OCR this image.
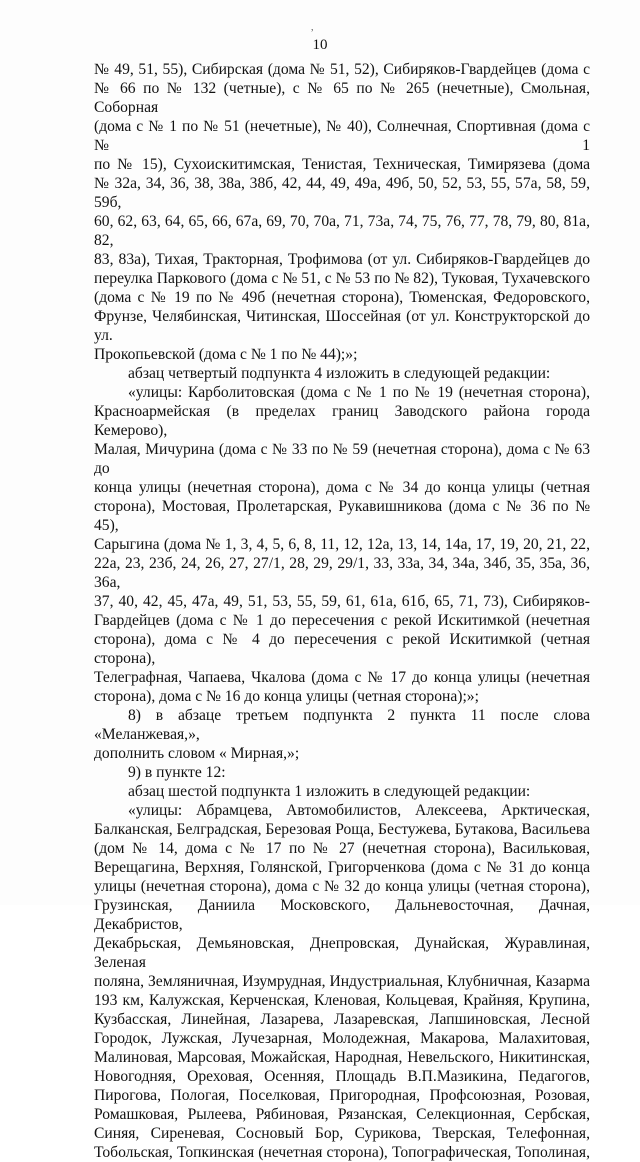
,
10

№ 49, 51, 55), Сибирская (дома № 51, 52), Сибиряков-Гвардейцев (дома с

№ 66 по № 132 (четные), с № 65 по № 265 (нечетные), Смольная, Соборная

(дома с № 1 по № 51 (нечетные), № 40), Солнечная, Спортивная (дома с № 1

по № 15), Сухоискитимская, Тенистая, Техническая, Тимирязева (дома

№ 32а, 34, 36, 38, 38а, 38б, 42, 44, 49, 49а, 49б, 50, 52, 53, 55, 57а, 58, 59, 59б,

60, 62, 63, 64, 65, 66, 67а, 69, 70, 70а, 71, 73а, 74, 75, 76, 77, 78, 79, 80, 81а, 82,

83, 83а), Тихая, Тракторная, Трофимова (от ул. Сибиряков-Гвардейцев до

переулка Паркового (дома с № 51, с № 53 по № 82), Туковая, Тухачевского

(дома с № 19 по № 49б (нечетная сторона), Тюменская, Федоровского,

Фрунзе, Челябинская, Читинская, Шоссейная (от ул. Конструкторской до ул.

Прокопьевской (дома с № 1 по № 44);»;

абзац четвертый подпункта 4 изложить в следующей редакции:

«улицы: Карболитовская (дома с № 1 по № 19 (нечетная сторона),

Красноармейская (в пределах границ Заводского района города Кемерово),

Малая, Мичурина (дома с № 33 по № 59 (нечетная сторона), дома с № 63 до

конца улицы (нечетная сторона), дома с № 34 до конца улицы (четная

сторона), Мостовая, Пролетарская, Рукавишникова (дома с № 36 по № 45),

Сарыгина (дома № 1, 3, 4, 5, 6, 8, 11, 12, 12а, 13, 14, 14а, 17, 19, 20, 21, 22,

22а, 23, 23б, 24, 26, 27, 27/1, 28, 29, 29/1, 33, 33а, 34, 34а, 34б, 35, 35а, 36, 36а,

37, 40, 42, 45, 47а, 49, 51, 53, 55, 59, 61, 61а, 61б, 65, 71, 73), Сибиряков-

Гвардейцев (дома с № 1 до пересечения с рекой Искитимкой (нечетная

сторона), дома с № 4 до пересечения с рекой Искитимкой (четная сторона),

Телеграфная, Чапаева, Чкалова (дома с № 17 до конца улицы (нечетная

сторона), дома с № 16 до конца улицы (четная сторона);»;

8) в абзаце третьем подпункта 2 пункта 11 после слова «Меланжевая,»,

дополнить словом « Мирная,»;

9) в пункте 12:

абзац шестой подпункта 1 изложить в следующей редакции:

«улицы: Абрамцева, Автомобилистов, Алексеева, Арктическая,

Балканская, Белградская, Березовая Роща, Бестужева, Бутакова, Васильева

(дом № 14, дома с № 17 по № 27 (нечетная сторона), Васильковая,

Верещагина, Верхняя, Голянской, Григорченкова (дома с № 31 до конца

улицы (нечетная сторона), дома с № 32 до конца улицы (четная сторона),

Грузинская, Даниила Московского, Дальневосточная, Дачная, Декабристов,

Декабрьская, Демьяновская, Днепровская, Дунайская, Журавлиная, Зеленая

поляна, Земляничная, Изумрудная, Индустриальная, Клубничная, Казарма

193 км, Калужская, Керченская, Кленовая, Кольцевая, Крайняя, Крупина,

Кузбасская, Линейная, Лазарева, Лазаревская, Лапшиновская, Лесной

Городок, Лужская, Лучезарная, Молодежная, Макарова, Малахитовая,

Малиновая, Марсовая, Можайская, Народная, Невельского, Никитинская,

Новогодняя, Ореховая, Осенняя, Площадь В.П.Мазикина, Педагогов,

Пирогова, Пологая, Поселковая, Пригородная, Профсоюзная, Розовая,

Ромашковая, Рылеева, Рябиновая, Рязанская, Селекционная, Сербская,

Синяя, Сиреневая, Сосновый Бор, Сурикова, Тверская, Телефонная,

Тобольская, Топкинская (нечетная сторона), Топографическая, Тополиная,
